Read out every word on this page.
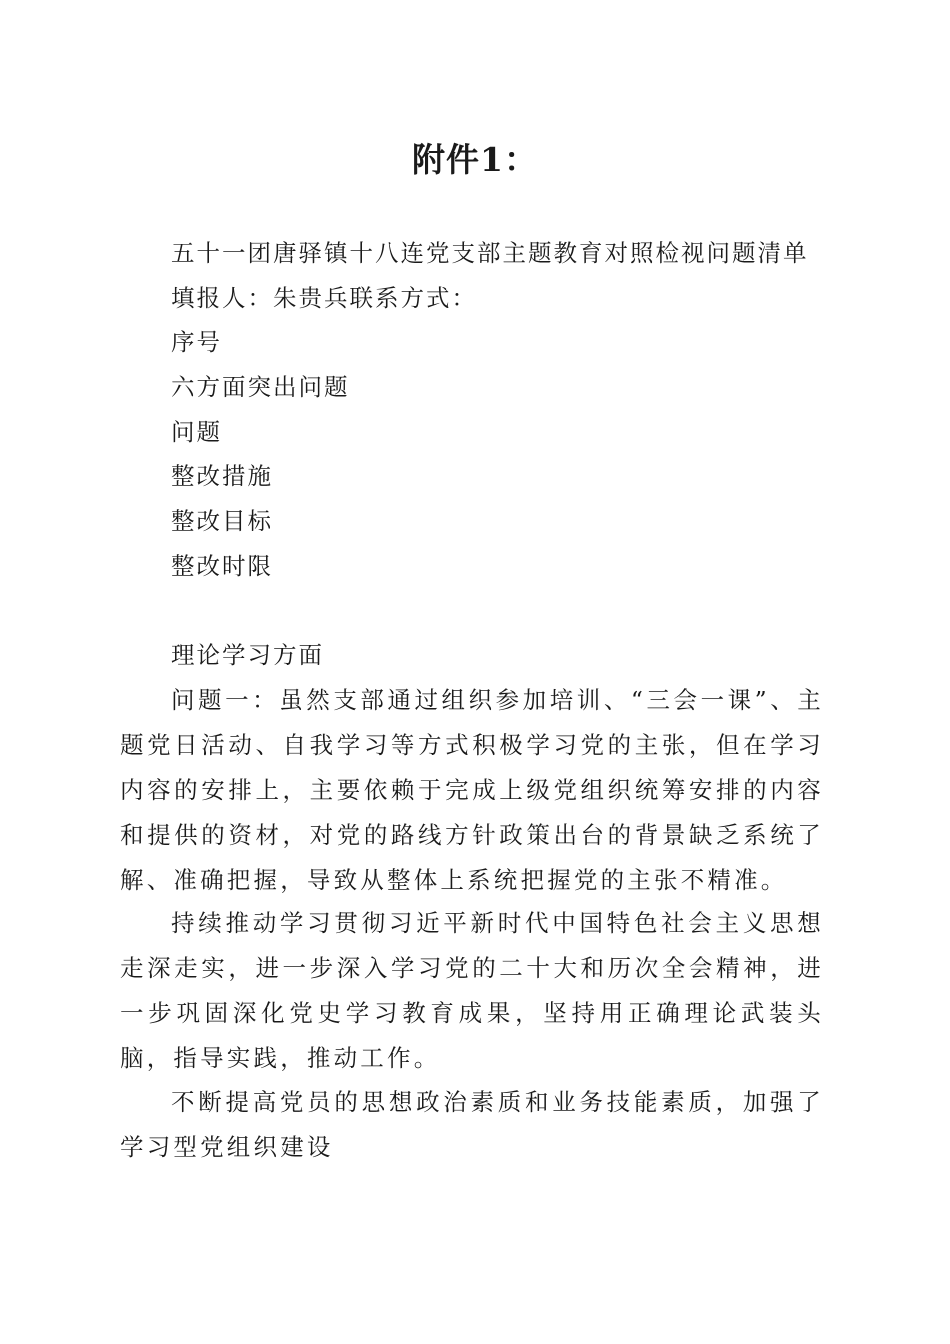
附件1：
五十一团唐驿镇十八连党支部主题教育对照检视问题清单
填报人：朱贵兵联系方式：
序号
六方面突出问题
问题
整改措施
整改目标
整改时限
理论学习方面

问题一：虽然支部通过组织参加培训、“三会一课”、主题党日活动、自我学习等方式积极学习党的主张，但在学习内容的安排上，主要依赖于完成上级党组织统筹安排的内容和提供的资材，对党的路线方针政策出台的背景缺乏系统了解、准确把握，导致从整体上系统把握党的主张不精准。

持续推动学习贯彻习近平新时代中国特色社会主义思想走深走实，进一步深入学习党的二十大和历次全会精神，进一步巩固深化党史学习教育成果，坚持用正确理论武装头脑，指导实践，推动工作。

不断提高党员的思想政治素质和业务技能素质，加强了学习型党组织建设
